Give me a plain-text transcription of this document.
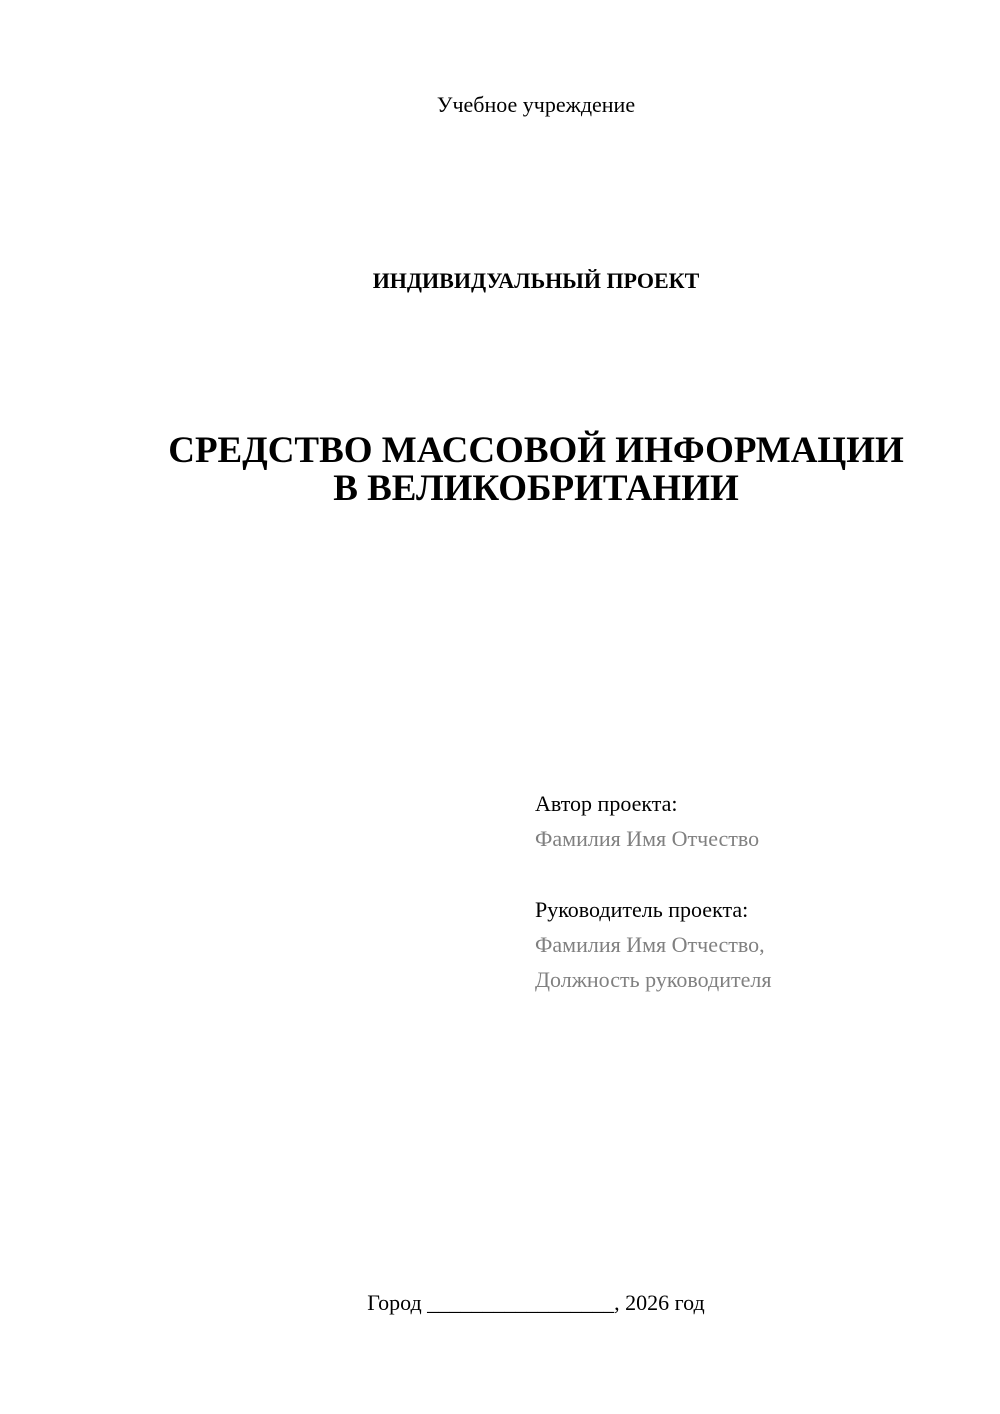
Учебное учреждение
ИНДИВИДУАЛЬНЫЙ ПРОЕКТ
СРЕДСТВО МАССОВОЙ ИНФОРМАЦИИ
В ВЕЛИКОБРИТАНИИ
Автор проекта:
Фамилия Имя Отчество
Руководитель проекта:
Фамилия Имя Отчество,
Должность руководителя
Город _________________, 2026 год
